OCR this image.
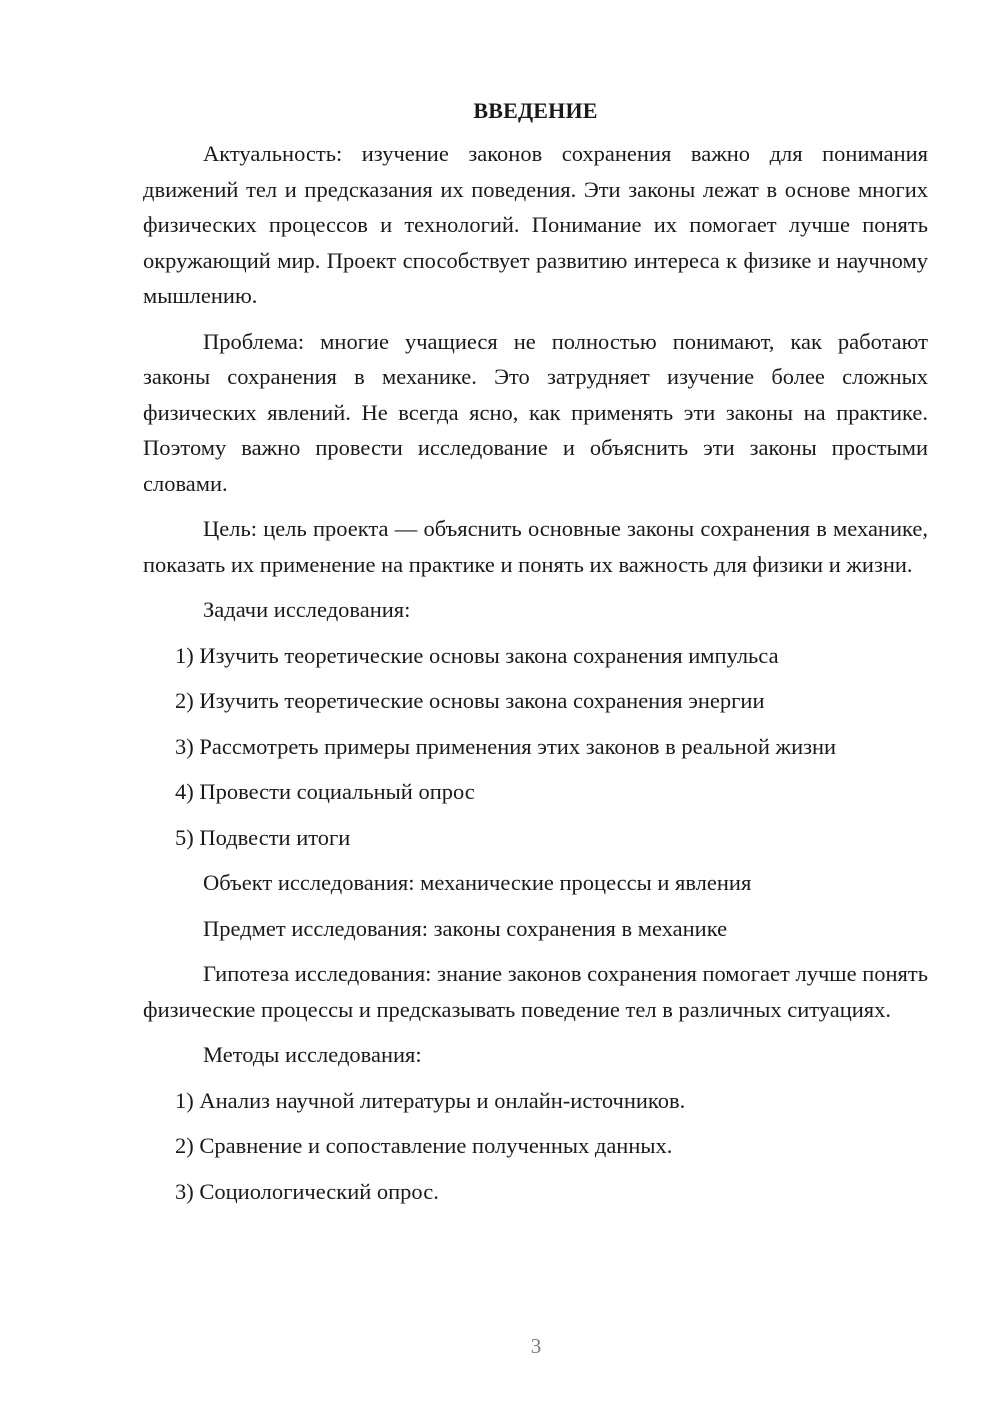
ВВЕДЕНИЕ

Актуальность: изучение законов сохранения важно для понимания движений тел и предсказания их поведения. Эти законы лежат в основе многих физических процессов и технологий. Понимание их помогает лучше понять окружающий мир. Проект способствует развитию интереса к физике и научному мышлению.

Проблема: многие учащиеся не полностью понимают, как работают законы сохранения в механике. Это затрудняет изучение более сложных физических явлений. Не всегда ясно, как применять эти законы на практике. Поэтому важно провести исследование и объяснить эти законы простыми словами.

Цель: цель проекта — объяснить основные законы сохранения в механике, показать их применение на практике и понять их важность для физики и жизни.

Задачи исследования:
1) Изучить теоретические основы закона сохранения импульса
2) Изучить теоретические основы закона сохранения энергии
3) Рассмотреть примеры применения этих законов в реальной жизни
4) Провести социальный опрос
5) Подвести итоги
Объект исследования: механические процессы и явления
Предмет исследования: законы сохранения в механике

Гипотеза исследования: знание законов сохранения помогает лучше понять физические процессы и предсказывать поведение тел в различных ситуациях.

Методы исследования:
1) Анализ научной литературы и онлайн-источников.
2) Сравнение и сопоставление полученных данных.
3) Социологический опрос.
3
